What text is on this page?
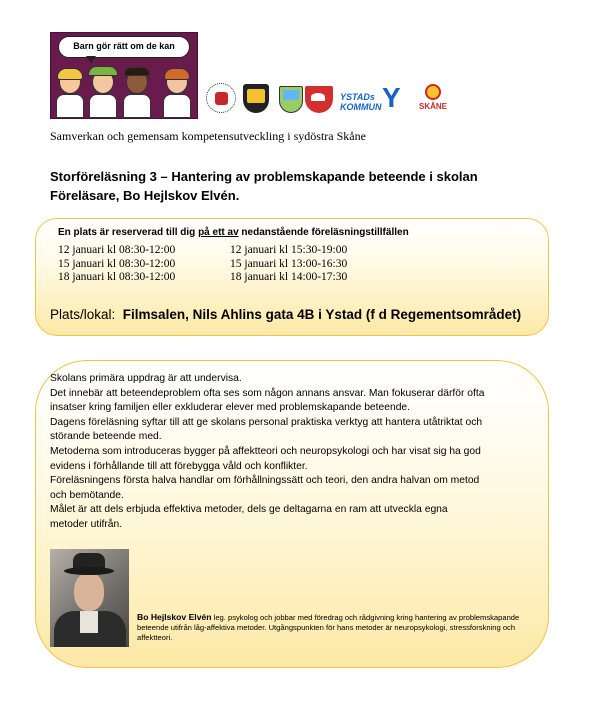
Barn gör rätt om de kan
YSTADs KOMMUN Y	SKÅNE
Samverkan och gemensam kompetensutveckling i sydöstra Skåne
Storföreläsning 3 – Hantering av problemskapande beteende i skolan
Föreläsare, Bo Hejlskov Elvén.
En plats är reserverad till dig på ett av nedanstående föreläsningstillfällen
12 januari kl 08:30-12:00
15 januari kl 08:30-12:00
18 januari kl 08:30-12:00
12 januari kl 15:30-19:00
15 januari kl 13:00-16:30
18 januari kl 14:00-17:30
Plats/lokal: Filmsalen, Nils Ahlins gata 4B i Ystad (f d Regementsområdet)

Skolans primära uppdrag är att undervisa.

Det innebär att beteendeproblem ofta ses som någon annans ansvar. Man fokuserar därför ofta

insatser kring familjen eller exkluderar elever med problemskapande beteende.

Dagens föreläsning syftar till att ge skolans personal praktiska verktyg att hantera utåtriktat och

störande beteende med.

Metoderna som introduceras bygger på affektteori och neuropsykologi och har visat sig ha god

evidens i förhållande till att förebygga våld och konflikter.

Föreläsningens första halva handlar om förhållningssätt och teori, den andra halvan om metod

och bemötande.

Målet är att dels erbjuda effektiva metoder, dels ge deltagarna en ram att utveckla egna

metoder utifrån.

Bo Hejlskov Elvén leg. psykolog och jobbar med föredrag och rådgivning kring hantering av problemskapande beteende utifrån låg-affektiva metoder. Utgångspunkten för hans metoder är neuropsykologi, stressforskning och affektteori.
